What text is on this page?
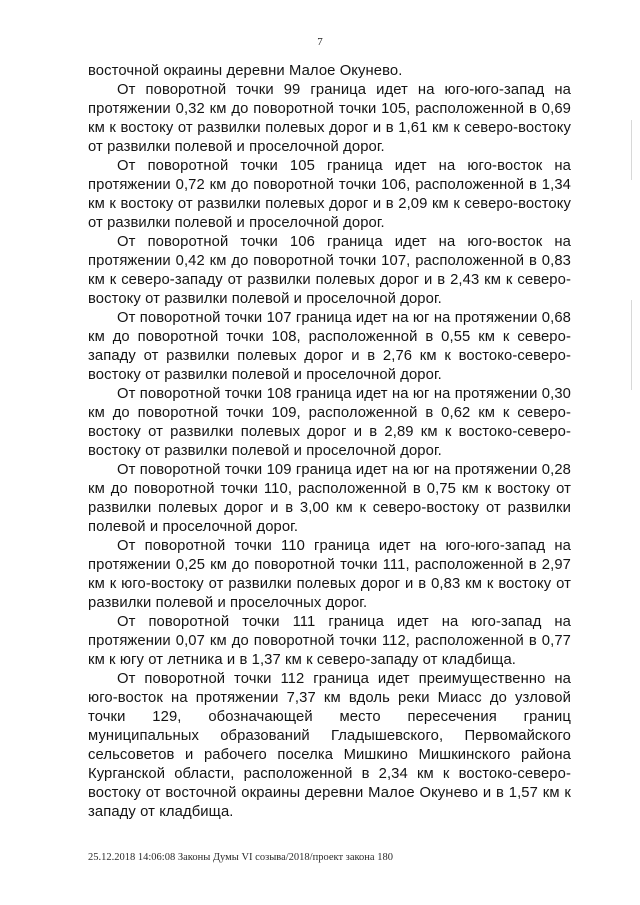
7

восточной окраины деревни Малое Окунево.

От поворотной точки 99 граница идет на юго-юго-запад на протяжении 0,32 км до поворотной точки 105, расположенной в 0,69 км к востоку от развилки полевых дорог и в 1,61 км к северо-востоку от развилки полевой и проселочной дорог.

От поворотной точки 105 граница идет на юго-восток на протяжении 0,72 км до поворотной точки 106, расположенной в 1,34 км к востоку от развилки полевых дорог и в 2,09 км к северо-востоку от развилки полевой и проселочной дорог.

От поворотной точки 106 граница идет на юго-восток на протяжении 0,42 км до поворотной точки 107, расположенной в 0,83 км к северо-западу от развилки полевых дорог и в 2,43 км к северо-востоку от развилки полевой и проселочной дорог.

От поворотной точки 107 граница идет на юг на протяжении 0,68 км до поворотной точки 108, расположенной в 0,55 км к северо-западу от развилки полевых дорог и в 2,76 км к востоко-северо-востоку от развилки полевой и проселочной дорог.

От поворотной точки 108 граница идет на юг на протяжении 0,30 км до поворотной точки 109, расположенной в 0,62 км к северо-востоку от развилки полевых дорог и в 2,89 км к востоко-северо-востоку от развилки полевой и проселочной дорог.

От поворотной точки 109 граница идет на юг на протяжении 0,28 км до поворотной точки 110, расположенной в 0,75 км к востоку от развилки полевых дорог и в 3,00 км к северо-востоку от развилки полевой и проселочной дорог.

От поворотной точки 110 граница идет на юго-юго-запад на протяжении 0,25 км до поворотной точки 111, расположенной в 2,97 км к юго-востоку от развилки полевых дорог и в 0,83 км к востоку от развилки полевой и проселочных дорог.

От поворотной точки 111 граница идет на юго-запад на протяжении 0,07 км до поворотной точки 112, расположенной в 0,77 км к югу от летника и в 1,37 км к северо-западу от кладбища.

От поворотной точки 112 граница идет преимущественно на юго-восток на протяжении 7,37 км вдоль реки Миасс до узловой точки 129, обозначающей место пересечения границ муниципальных образований Гладышевского, Первомайского сельсоветов и рабочего поселка Мишкино Мишкинского района Курганской области, расположенной в 2,34 км к востоко-северо-востоку от восточной окраины деревни Малое Окунево и в 1,57 км к западу от кладбища.

25.12.2018 14:06:08 Законы Думы VI созыва/2018/проект закона 180
